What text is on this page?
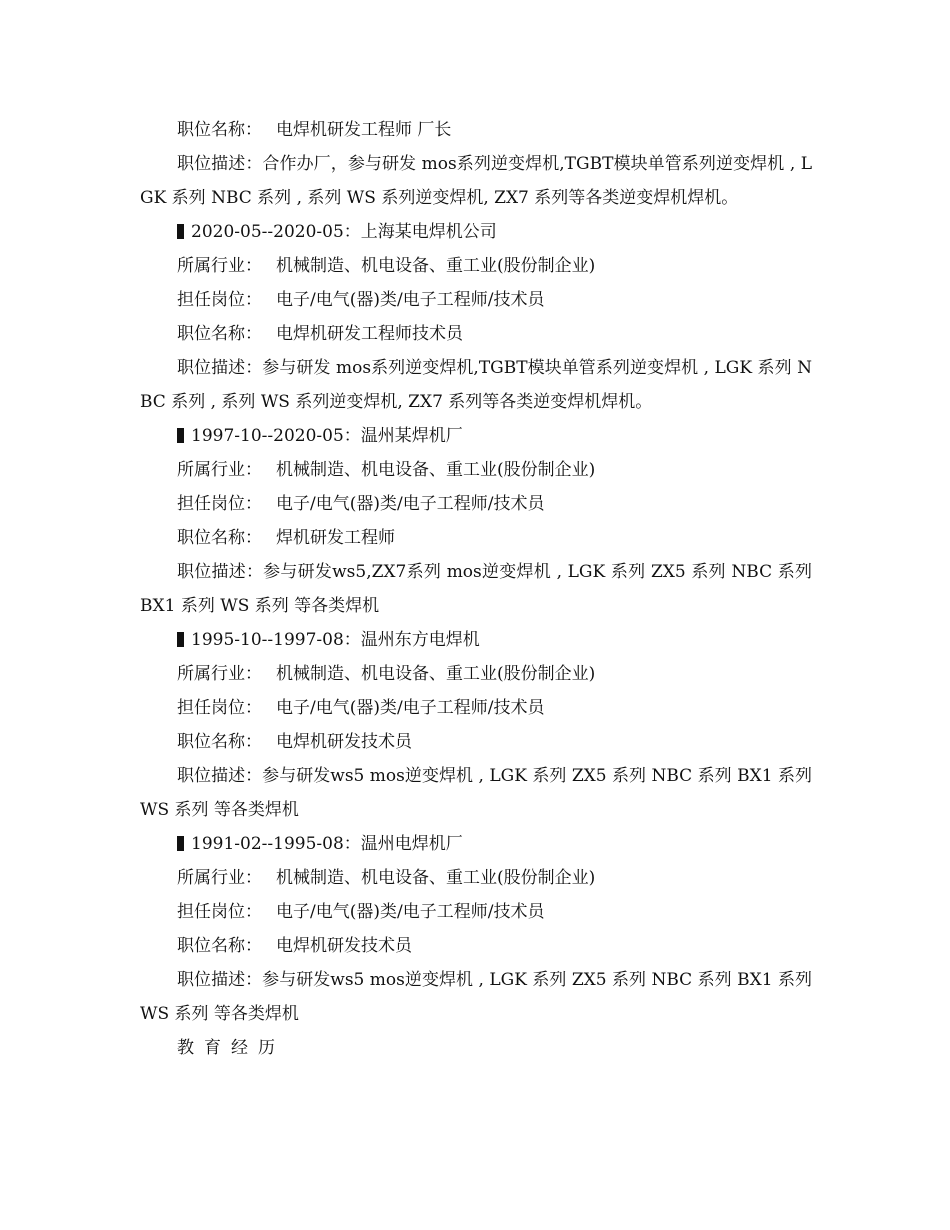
职位名称： 电焊机研发工程师 厂长
职位描述：合作办厂，参与研发 mos系列逆变焊机,TGBT模块单管系列逆变焊机 , LGK 系列 NBC 系列 , 系列 WS 系列逆变焊机, ZX7 系列等各类逆变焊机焊机。
2020-05--2020-05：上海某电焊机公司
所属行业： 机械制造、机电设备、重工业(股份制企业)
担任岗位： 电子/电气(器)类/电子工程师/技术员
职位名称： 电焊机研发工程师技术员
职位描述：参与研发 mos系列逆变焊机,TGBT模块单管系列逆变焊机 , LGK 系列 NBC 系列 , 系列 WS 系列逆变焊机, ZX7 系列等各类逆变焊机焊机。
1997-10--2020-05：温州某焊机厂
所属行业： 机械制造、机电设备、重工业(股份制企业)
担任岗位： 电子/电气(器)类/电子工程师/技术员
职位名称： 焊机研发工程师
职位描述：参与研发ws5,ZX7系列 mos逆变焊机 , LGK 系列 ZX5 系列 NBC 系列 BX1 系列 WS 系列 等各类焊机
1995-10--1997-08：温州东方电焊机
所属行业： 机械制造、机电设备、重工业(股份制企业)
担任岗位： 电子/电气(器)类/电子工程师/技术员
职位名称： 电焊机研发技术员
职位描述：参与研发ws5 mos逆变焊机 , LGK 系列 ZX5 系列 NBC 系列 BX1 系列 WS 系列 等各类焊机
1991-02--1995-08：温州电焊机厂
所属行业： 机械制造、机电设备、重工业(股份制企业)
担任岗位： 电子/电气(器)类/电子工程师/技术员
职位名称： 电焊机研发技术员
职位描述：参与研发ws5 mos逆变焊机 , LGK 系列 ZX5 系列 NBC 系列 BX1 系列 WS 系列 等各类焊机
教育经历
